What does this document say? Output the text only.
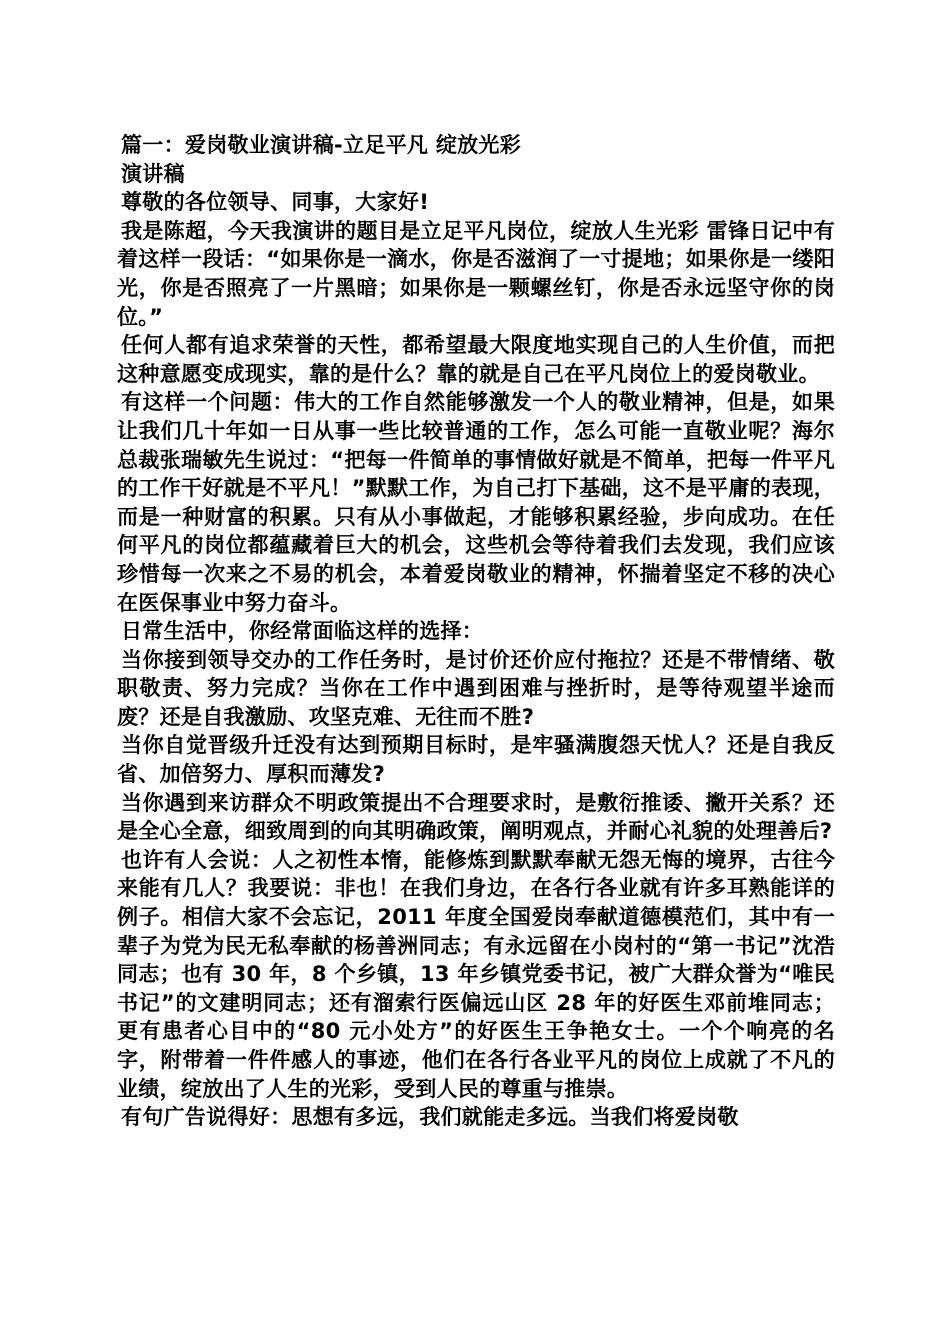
篇一：爱岗敬业演讲稿-立足平凡 绽放光彩

演讲稿

尊敬的各位领导、同事，大家好!

我是陈超，今天我演讲的题目是立足平凡岗位，绽放人生光彩 雷锋日记中有着这样一段话：“如果你是一滴水，你是否滋润了一寸提地；如果你是一缕阳光，你是否照亮了一片黑暗；如果你是一颗螺丝钉，你是否永远坚守你的岗位。”

任何人都有追求荣誉的天性，都希望最大限度地实现自己的人生价值，而把这种意愿变成现实，靠的是什么？靠的就是自己在平凡岗位上的爱岗敬业。

有这样一个问题：伟大的工作自然能够激发一个人的敬业精神，但是，如果让我们几十年如一日从事一些比较普通的工作，怎么可能一直敬业呢？海尔总裁张瑞敏先生说过：“把每一件简单的事情做好就是不简单，把每一件平凡的工作干好就是不平凡！”默默工作，为自己打下基础，这不是平庸的表现，而是一种财富的积累。只有从小事做起，才能够积累经验，步向成功。在任何平凡的岗位都蕴藏着巨大的机会，这些机会等待着我们去发现，我们应该珍惜每一次来之不易的机会，本着爱岗敬业的精神，怀揣着坚定不移的决心在医保事业中努力奋斗。

日常生活中，你经常面临这样的选择：

当你接到领导交办的工作任务时，是讨价还价应付拖拉？还是不带情绪、敬职敬责、努力完成？当你在工作中遇到困难与挫折时，是等待观望半途而废？还是自我激励、攻坚克难、无往而不胜?

当你自觉晋级升迁没有达到预期目标时，是牢骚满腹怨天忧人？还是自我反省、加倍努力、厚积而薄发?

当你遇到来访群众不明政策提出不合理要求时，是敷衍推诿、撇开关系？还是全心全意，细致周到的向其明确政策，阐明观点，并耐心礼貌的处理善后?

也许有人会说：人之初性本惰，能修炼到默默奉献无怨无悔的境界，古往今来能有几人？我要说：非也！在我们身边，在各行各业就有许多耳熟能详的例子。相信大家不会忘记，2011 年度全国爱岗奉献道德模范们，其中有一辈子为党为民无私奉献的杨善洲同志；有永远留在小岗村的“第一书记”沈浩同志；也有 30 年，8 个乡镇，13 年乡镇党委书记，被广大群众誉为“唯民书记”的文建明同志；还有溜索行医偏远山区 28 年的好医生邓前堆同志；更有患者心目中的“80 元小处方”的好医生王争艳女士。一个个响亮的名字，附带着一件件感人的事迹，他们在各行各业平凡的岗位上成就了不凡的业绩，绽放出了人生的光彩，受到人民的尊重与推崇。

有句广告说得好：思想有多远，我们就能走多远。当我们将爱岗敬
